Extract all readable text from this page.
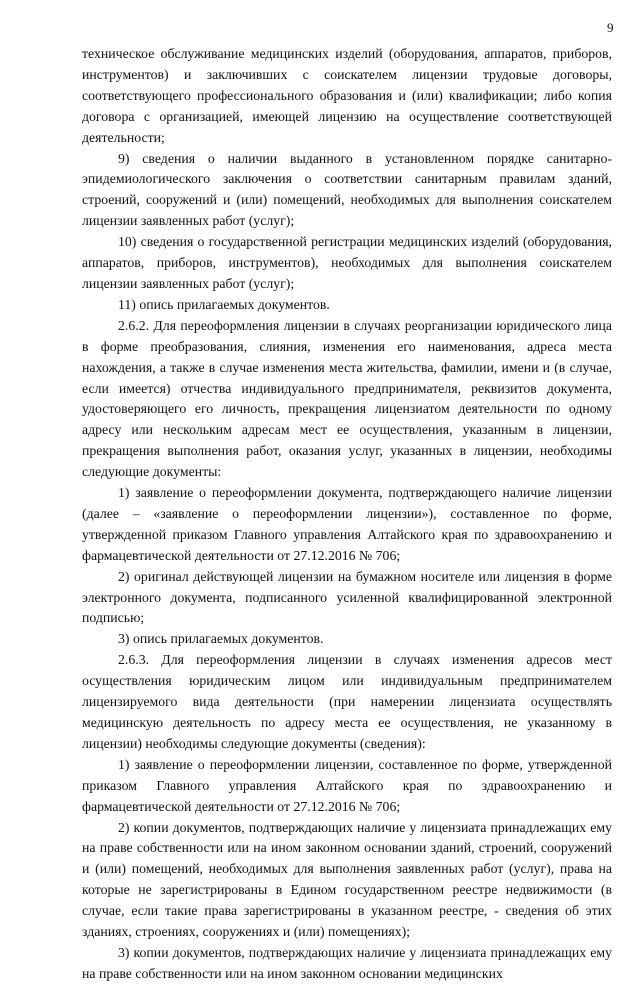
9

техническое обслуживание медицинских изделий (оборудования, аппаратов, приборов, инструментов) и заключивших с соискателем лицензии трудовые договоры, соответствующего профессионального образования и (или) квалификации; либо копия договора с организацией, имеющей лицензию на осуществление соответствующей деятельности;

9) сведения о наличии выданного в установленном порядке санитарно-эпидемиологического заключения о соответствии санитарным правилам зданий, строений, сооружений и (или) помещений, необходимых для выполнения соискателем лицензии заявленных работ (услуг);

10) сведения о государственной регистрации медицинских изделий (оборудования, аппаратов, приборов, инструментов), необходимых для выполнения соискателем лицензии заявленных работ (услуг);

11) опись прилагаемых документов.

2.6.2. Для переоформления лицензии в случаях реорганизации юридического лица в форме преобразования, слияния, изменения его наименования, адреса места нахождения, а также в случае изменения места жительства, фамилии, имени и (в случае, если имеется) отчества индивидуального предпринимателя, реквизитов документа, удостоверяющего его личность, прекращения лицензиатом деятельности по одному адресу или нескольким адресам мест ее осуществления, указанным в лицензии, прекращения выполнения работ, оказания услуг, указанных в лицензии, необходимы следующие документы:

1) заявление о переоформлении документа, подтверждающего наличие лицензии (далее – «заявление о переоформлении лицензии»), составленное по форме, утвержденной приказом Главного управления Алтайского края по здравоохранению и фармацевтической деятельности от 27.12.2016 № 706;

2) оригинал действующей лицензии на бумажном носителе или лицензия в форме электронного документа, подписанного усиленной квалифицированной электронной подписью;

3) опись прилагаемых документов.

2.6.3. Для переоформления лицензии в случаях изменения адресов мест осуществления юридическим лицом или индивидуальным предпринимателем лицензируемого вида деятельности (при намерении лицензиата осуществлять медицинскую деятельность по адресу места ее осуществления, не указанному в лицензии) необходимы следующие документы (сведения):

1) заявление о переоформлении лицензии, составленное по форме, утвержденной приказом Главного управления Алтайского края по здравоохранению и фармацевтической деятельности от 27.12.2016 № 706;

2) копии документов, подтверждающих наличие у лицензиата принадлежащих ему на праве собственности или на ином законном основании зданий, строений, сооружений и (или) помещений, необходимых для выполнения заявленных работ (услуг), права на которые не зарегистрированы в Едином государственном реестре недвижимости (в случае, если такие права зарегистрированы в указанном реестре, - сведения об этих зданиях, строениях, сооружениях и (или) помещениях);

3) копии документов, подтверждающих наличие у лицензиата принадлежащих ему на праве собственности или на ином законном основании медицинских
